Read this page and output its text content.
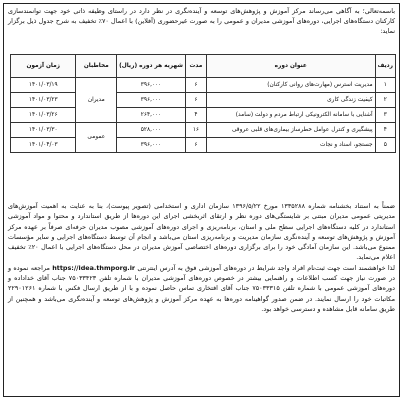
باسمه‌تعالی؛ به آگاهی می‌رساند مرکز آموزش و پژوهش‌های توسعه و آینده‌نگری در نظر دارد در راستای وظیفه ذاتی خود جهت توانمندسازی کارکنان دستگاه‌های اجرایی، دوره‌های آموزشی مدیران و عمومی را به صورت غیرحضوری (آفلاین) با اعمال ۷۰٪ تخفیف به شرح جدول ذیل برگزار نماید:
ردیف	عنوان دوره	مدت	شهریه هر دوره (ریال)	مخاطبان	زمان آزمون
۱	مدیریت استرس (مهارت‌های روانی کارکنان)	۶	۳۹۶,۰۰۰	مدیران	۱۴۰۱/۰۳/۱۹
۲	کیفیت زندگی کاری	۶	۳۹۶,۰۰۰		۱۴۰۱/۰۳/۲۳
۳	آشنایی با سامانه الکترونیکی ارتباط مردم و دولت (سامد)	۴	۲۶۴,۰۰۰		۱۴۰۱/۰۳/۲۶
۴	پیشگیری و کنترل عوامل خطرساز بیماری‌های قلبی عروقی	۱۶	۵۲۸,۰۰۰	عمومی	۱۴۰۱/۰۳/۳۰
۵	جستجو، اسناد و نجات	۶	۳۹۶,۰۰۰		۱۴۰۱/۰۴/۰۳

ضمناً به استناد بخشنامه شماره ۱۳۳۵۲۸۸ مورخ ۱۳۹۶/۵/۲۲ سازمان اداری و استخدامی (تصویر پیوست)، بنا به عنایت به اهمیت آموزش‌های مدیریتی عمومی مدیران مبتنی بر شایستگی‌های دوره نظر و ارتقای اثربخشی اجرای این دوره‌ها از طریق استاندارد و محتوا و مواد آموزشی استاندارد در کلیه دستگاه‌های اجرایی سطح ملی و استان، برنامه‌ریزی و اجرای دوره‌های آموزشی مصوب مدیران حرفه‌ای صرفاً بر عهده مرکز آموزش و پژوهش‌های توسعه و آینده‌نگری سازمان مدیریت و برنامه‌ریزی استان می‌باشد و انجام آن توسط دستگاه‌های اجرایی و سایر مؤسسات ممنوع می‌باشد. این سازمان آمادگی خود را برای برگزاری دوره‌های اختصاصی آموزش مدیران در محل دستگاه‌های اجرایی با اعمال ۲۰٪ تخفیف اعلام می‌نماید.

لذا خواهشمند است جهت ثبت‌نام افراد واجد شرایط در دوره‌های آموزشی فوق به آدرس اینترنتی https://idea.thmporg.ir مراجعه نموده و در صورت نیاز جهت کسب اطلاعات و راهنمایی بیشتر در خصوص دوره‌های آموزشی مدیران با شماره تلفن ۷۵۰۳۳۴۲۳ جناب آقای خداداده و دوره‌های آموزشی عمومی با شماره تلفن ۷۵۰۳۳۳۱۵ جناب آقای افتخاری تماس حاصل نموده و با از طریق ارسال فکس با شماره ۲۲۹۰۱۲۶۱ مکاتبات خود را ارسال نمایند. در ضمن صدور گواهینامه دوره‌ها به عهده مرکز آموزش و پژوهش‌های توسعه و آینده‌نگری می‌باشد و همچنین از طریق سامانه قابل مشاهده و دسترسی خواهد بود.
